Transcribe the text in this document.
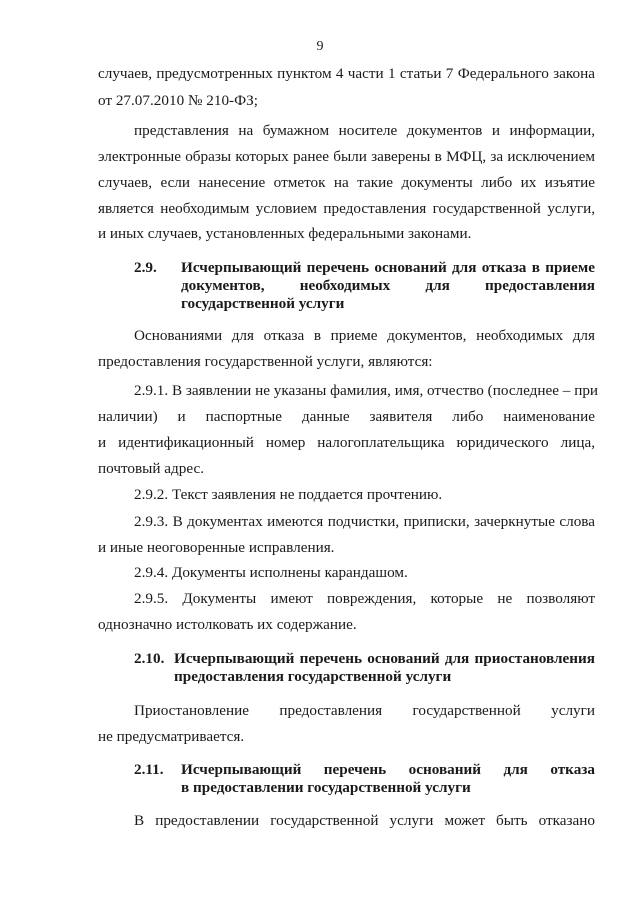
9
случаев, предусмотренных пунктом 4 части 1 статьи 7 Федерального закона
от 27.07.2010 № 210-ФЗ;
представления на бумажном носителе документов и информации,
электронные образы которых ранее были заверены в МФЦ, за исключением
случаев, если нанесение отметок на такие документы либо их изъятие
является необходимым условием предоставления государственной услуги,
и иных случаев, установленных федеральными законами.
2.9. Исчерпывающий перечень оснований для отказа в приеме
документов, необходимых для предоставления
государственной услуги
Основаниями для отказа в приеме документов, необходимых для
предоставления государственной услуги, являются:
2.9.1. В заявлении не указаны фамилия, имя, отчество (последнее – при
наличии) и паспортные данные заявителя либо наименование
и идентификационный номер налогоплательщика юридического лица,
почтовый адрес.
2.9.2. Текст заявления не поддается прочтению.
2.9.3. В документах имеются подчистки, приписки, зачеркнутые слова
и иные неоговоренные исправления.
2.9.4. Документы исполнены карандашом.
2.9.5. Документы имеют повреждения, которые не позволяют
однозначно истолковать их содержание.
2.10. Исчерпывающий перечень оснований для приостановления
предоставления государственной услуги
Приостановление предоставления государственной услуги
не предусматривается.
2.11. Исчерпывающий перечень оснований для отказа
в предоставлении государственной услуги
В предоставлении государственной услуги может быть отказано
